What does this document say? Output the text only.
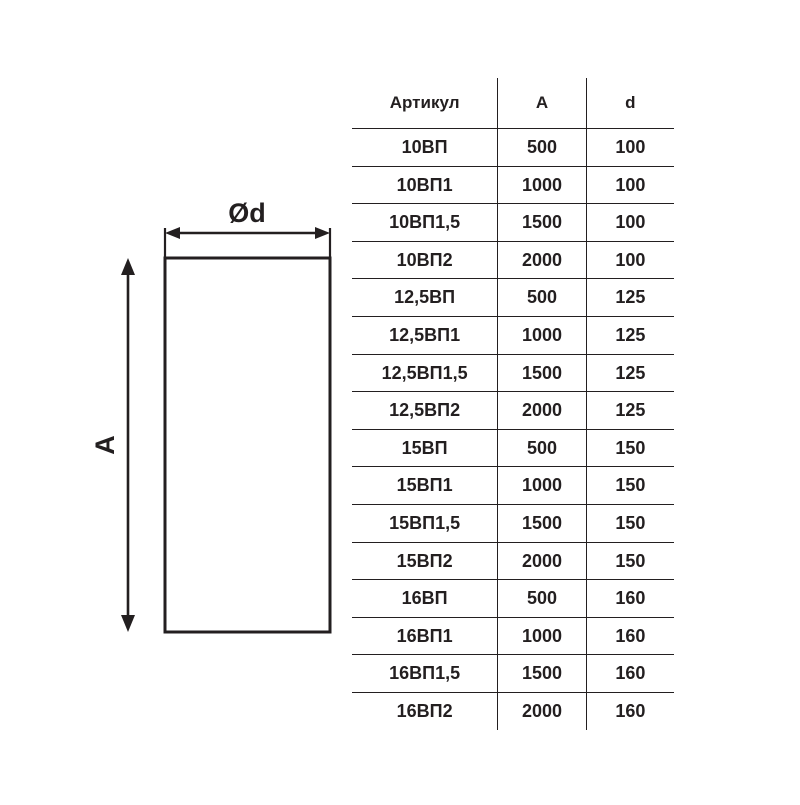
Ød
A
Артикул	A	d
10ВП	500	100
10ВП1	1000	100
10ВП1,5	1500	100
10ВП2	2000	100
12,5ВП	500	125
12,5ВП1	1000	125
12,5ВП1,5	1500	125
12,5ВП2	2000	125
15ВП	500	150
15ВП1	1000	150
15ВП1,5	1500	150
15ВП2	2000	150
16ВП	500	160
16ВП1	1000	160
16ВП1,5	1500	160
16ВП2	2000	160
